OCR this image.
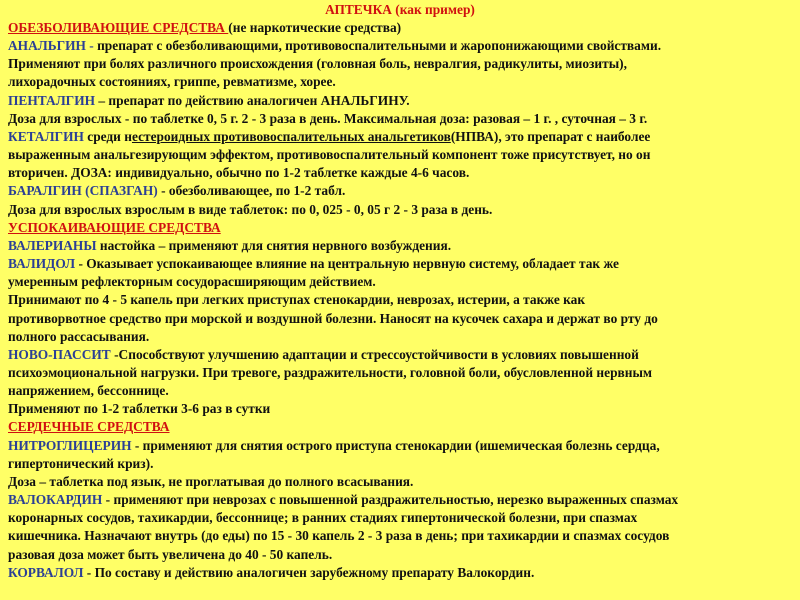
АПТЕЧКА (как пример)
ОБЕЗБОЛИВАЮЩИЕ СРЕДСТВА (не наркотические средства)
АНАЛЬГИН - препарат с обезболивающими, противовоспалительными и жаропонижающими свойствами.
Применяют при болях различного происхождения (головная боль, невралгия, радикулиты, миозиты),
лихорадочных состояниях, гриппе, ревматизме, хорее.
ПЕНТАЛГИН – препарат по действию аналогичен АНАЛЬГИНУ.
Доза для взрослых - по таблетке 0, 5 г. 2 - 3 раза в день. Максимальная доза: разовая – 1 г. , суточная – 3 г.
КЕТАЛГИН среди нестероидных противовоспалительных анальгетиков(НПВА), это препарат с наиболее
выраженным анальгезирующим эффектом, противовоспалительный компонент тоже присутствует, но он
вторичен. ДОЗА: индивидуально, обычно по 1-2 таблетке каждые 4-6 часов.
БАРАЛГИН (СПАЗГАН) - обезболивающее, по 1-2 табл.
Доза для взрослых взрослым в виде таблеток: по 0, 025 - 0, 05 г 2 - 3 раза в день.
УСПОКАИВАЮЩИЕ СРЕДСТВА
ВАЛЕРИАНЫ настойка – применяют для снятия нервного возбуждения.
ВАЛИДОЛ - Оказывает успокаивающее влияние на центральную нервную систему, обладает так же
умеренным рефлекторным сосудорасширяющим действием.
Принимают по 4 - 5 капель при легких приступах стенокардии, неврозах, истерии, а также как
противорвотное средство при морской и воздушной болезни. Наносят на кусочек сахара и держат во рту до
полного рассасывания.
НОВО-ПАССИТ -Способствуют улучшению адаптации и стрессоустойчивости в условиях повышенной
психоэмоциональной нагрузки. При тревоге, раздражительности, головной боли, обусловленной нервным
напряжением, бессоннице.
Применяют по 1-2 таблетки 3-6 раз в сутки
СЕРДЕЧНЫЕ СРЕДСТВА
НИТРОГЛИЦЕРИН - применяют для снятия острого приступа стенокардии (ишемическая болезнь сердца,
гипертонический криз).
Доза – таблетка под язык, не проглатывая до полного всасывания.
ВАЛОКАРДИН - применяют при неврозах с повышенной раздражительностью, нерезко выраженных спазмах
коронарных сосудов, тахикардии, бессоннице; в ранних стадиях гипертонической болезни, при спазмах
кишечника. Назначают внутрь (до еды) по 15 - 30 капель 2 - 3 раза в день; при тахикардии и спазмах сосудов
разовая доза может быть увеличена до 40 - 50 капель.
КОРВАЛОЛ - По составу и действию аналогичен зарубежному препарату Валокордин.
